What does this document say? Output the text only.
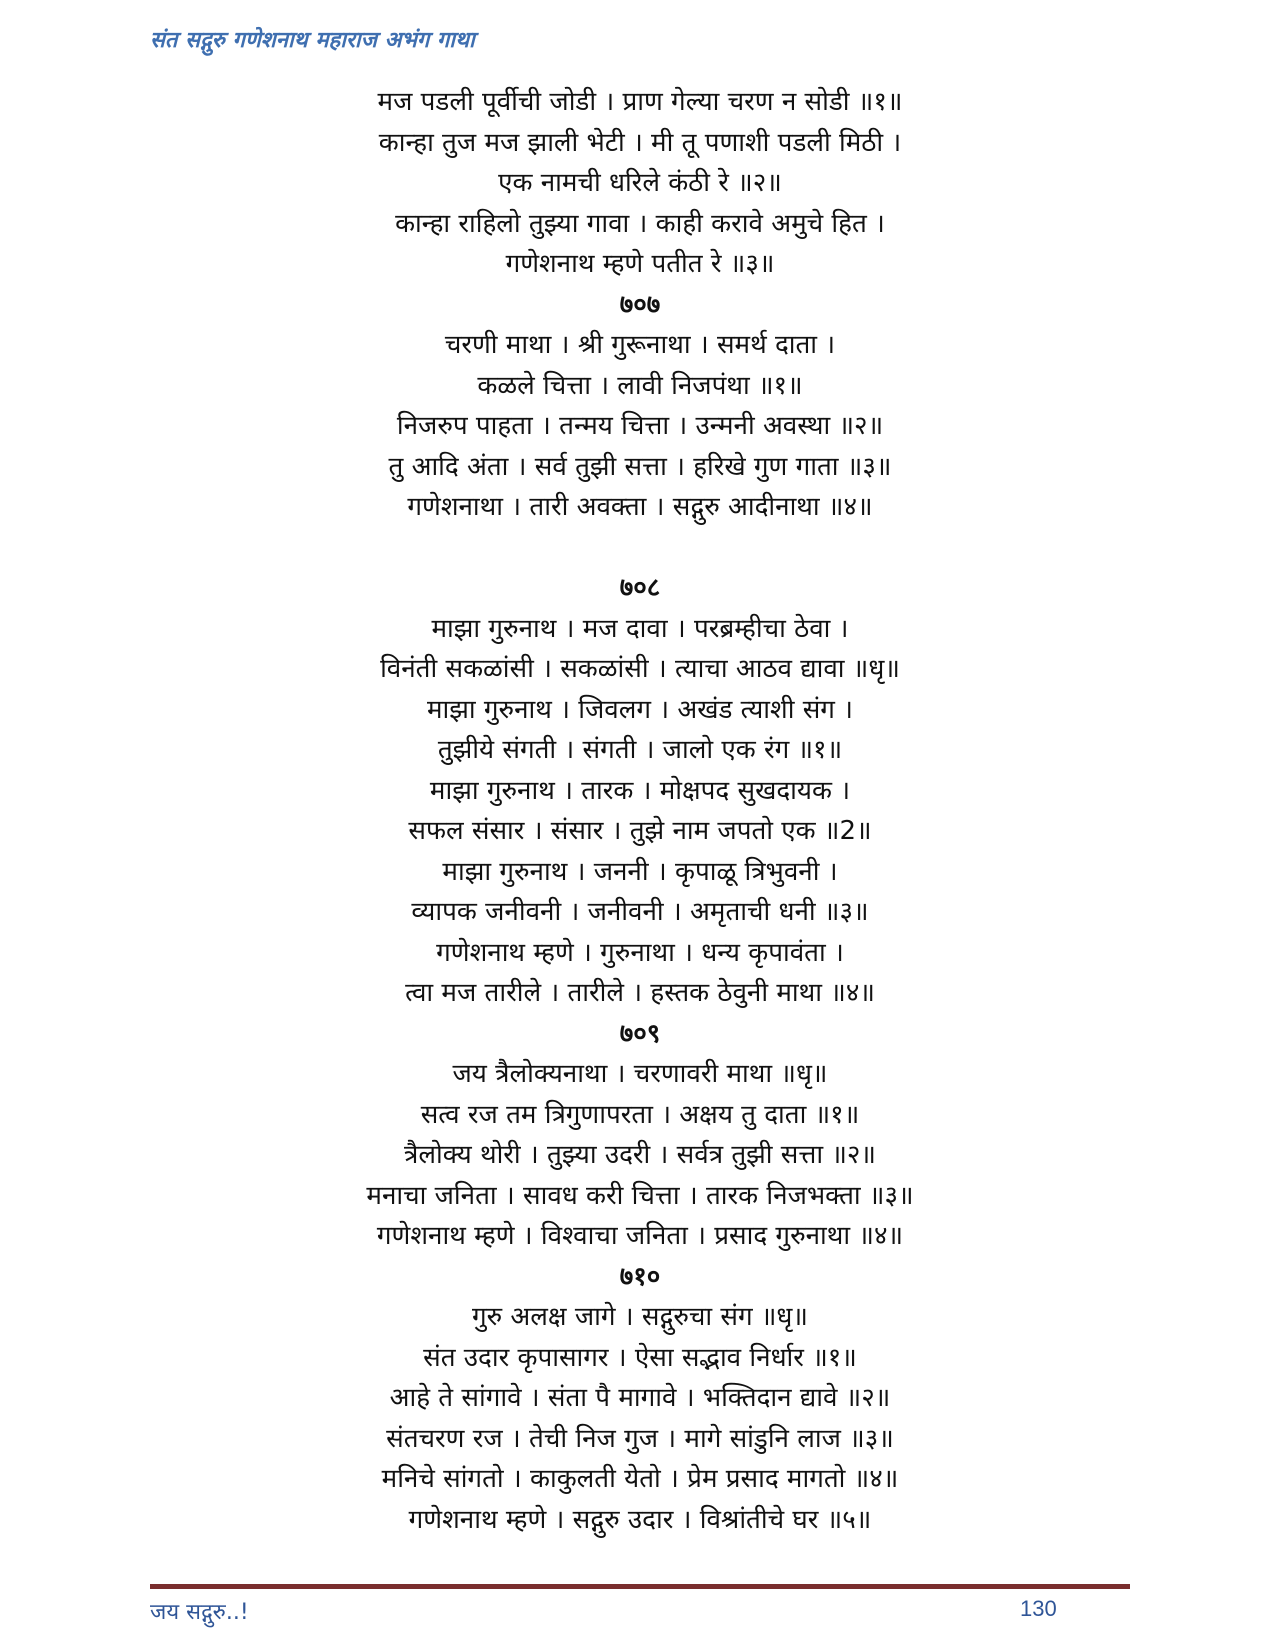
संत सद्गुरु गणेशनाथ महाराज अभंग गाथा
मज पडली पूर्वीची जोडी । प्राण गेल्या चरण न सोडी ॥१॥
कान्हा तुज मज झाली भेटी । मी तू पणाशी पडली मिठी ।
एक नामची धरिले कंठी रे ॥२॥
कान्हा राहिलो तुझ्या गावा । काही करावे अमुचे हित ।
गणेशनाथ म्हणे पतीत रे ॥३॥
७०७
चरणी माथा । श्री गुरूनाथा । समर्थ दाता ।
कळले चित्ता । लावी निजपंथा ॥१॥
निजरुप पाहता । तन्मय चित्ता । उन्मनी अवस्था ॥२॥
तु आदि अंता । सर्व तुझी सत्ता । हरिखे गुण गाता ॥३॥
गणेशनाथा । तारी अवक्ता । सद्गुरु आदीनाथा ॥४॥
७०८
माझा गुरुनाथ । मज दावा । परब्रम्हीचा ठेवा ।
विनंती सकळांसी । सकळांसी । त्याचा आठव द्यावा ॥धृ॥
माझा गुरुनाथ । जिवलग । अखंड त्याशी संग ।
तुझीये संगती । संगती । जालो एक रंग ॥१॥
माझा गुरुनाथ । तारक । मोक्षपद सुखदायक ।
सफल संसार । संसार । तुझे नाम जपतो एक ॥2॥
माझा गुरुनाथ । जननी । कृपाळू त्रिभुवनी ।
व्यापक जनीवनी । जनीवनी । अमृताची धनी ॥३॥
गणेशनाथ म्हणे । गुरुनाथा । धन्य कृपावंता ।
त्वा मज तारीले । तारीले । हस्तक ठेवुनी माथा ॥४॥
७०९
जय त्रैलोक्यनाथा । चरणावरी माथा ॥धृ॥
सत्व रज तम त्रिगुणापरता । अक्षय तु दाता ॥१॥
त्रैलोक्य थोरी । तुझ्या उदरी । सर्वत्र तुझी सत्ता ॥२॥
मनाचा जनिता । सावध करी चित्ता । तारक निजभक्ता ॥३॥
गणेशनाथ म्हणे । विश्वाचा जनिता । प्रसाद गुरुनाथा ॥४॥
७१०
गुरु अलक्ष जागे । सद्गुरुचा संग ॥धृ॥
संत उदार कृपासागर । ऐसा सद्भाव निर्धार ॥१॥
आहे ते सांगावे । संता पै मागावे । भक्तिदान द्यावे ॥२॥
संतचरण रज । तेची निज गुज । मागे सांडुनि लाज ॥३॥
मनिचे सांगतो । काकुलती येतो । प्रेम प्रसाद मागतो ॥४॥
गणेशनाथ म्हणे । सद्गुरु उदार । विश्रांतीचे घर ॥५॥
जय सद्गुरु..!	130
